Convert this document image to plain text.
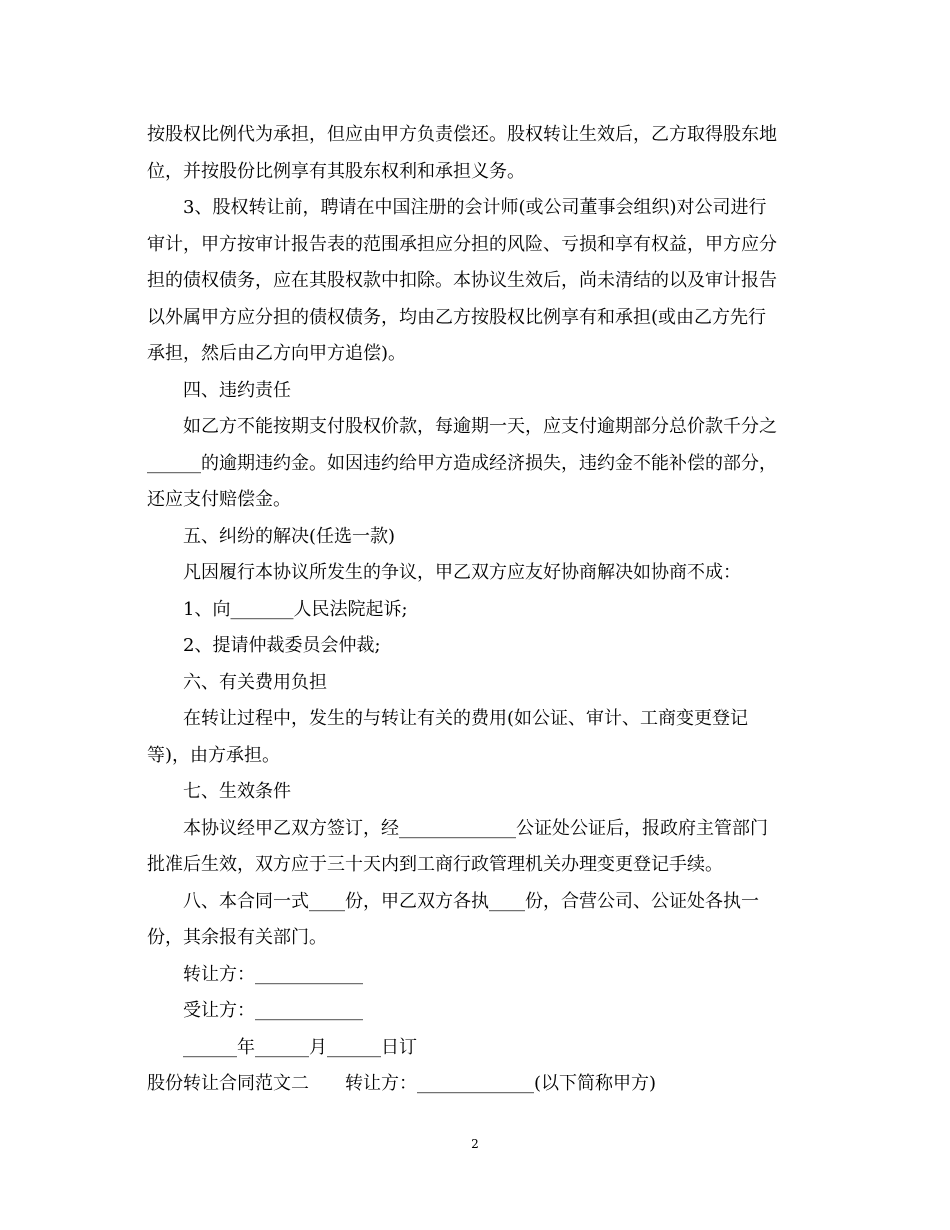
按股权比例代为承担，但应由甲方负责偿还。股权转让生效后，乙方取得股东地
位，并按股份比例享有其股东权利和承担义务。
3、股权转让前，聘请在中国注册的会计师(或公司董事会组织)对公司进行
审计，甲方按审计报告表的范围承担应分担的风险、亏损和享有权益，甲方应分
担的债权债务，应在其股权款中扣除。本协议生效后，尚未清结的以及审计报告
以外属甲方应分担的债权债务，均由乙方按股权比例享有和承担(或由乙方先行
承担，然后由乙方向甲方追偿)。
四、违约责任
如乙方不能按期支付股权价款，每逾期一天，应支付逾期部分总价款千分之
______的逾期违约金。如因违约给甲方造成经济损失，违约金不能补偿的部分，
还应支付赔偿金。
五、纠纷的解决(任选一款)
凡因履行本协议所发生的争议，甲乙双方应友好协商解决如协商不成：
1、向_______人民法院起诉;
2、提请仲裁委员会仲裁;
六、有关费用负担
在转让过程中，发生的与转让有关的费用(如公证、审计、工商变更登记
等)，由方承担。
七、生效条件
本协议经甲乙双方签订，经_____________公证处公证后，报政府主管部门
批准后生效，双方应于三十天内到工商行政管理机关办理变更登记手续。
八、本合同一式____份，甲乙双方各执____份，合营公司、公证处各执一
份，其余报有关部门。
转让方：____________
受让方：____________
______年______月______日订
股份转让合同范文二　　转让方：_____________(以下简称甲方)
2
